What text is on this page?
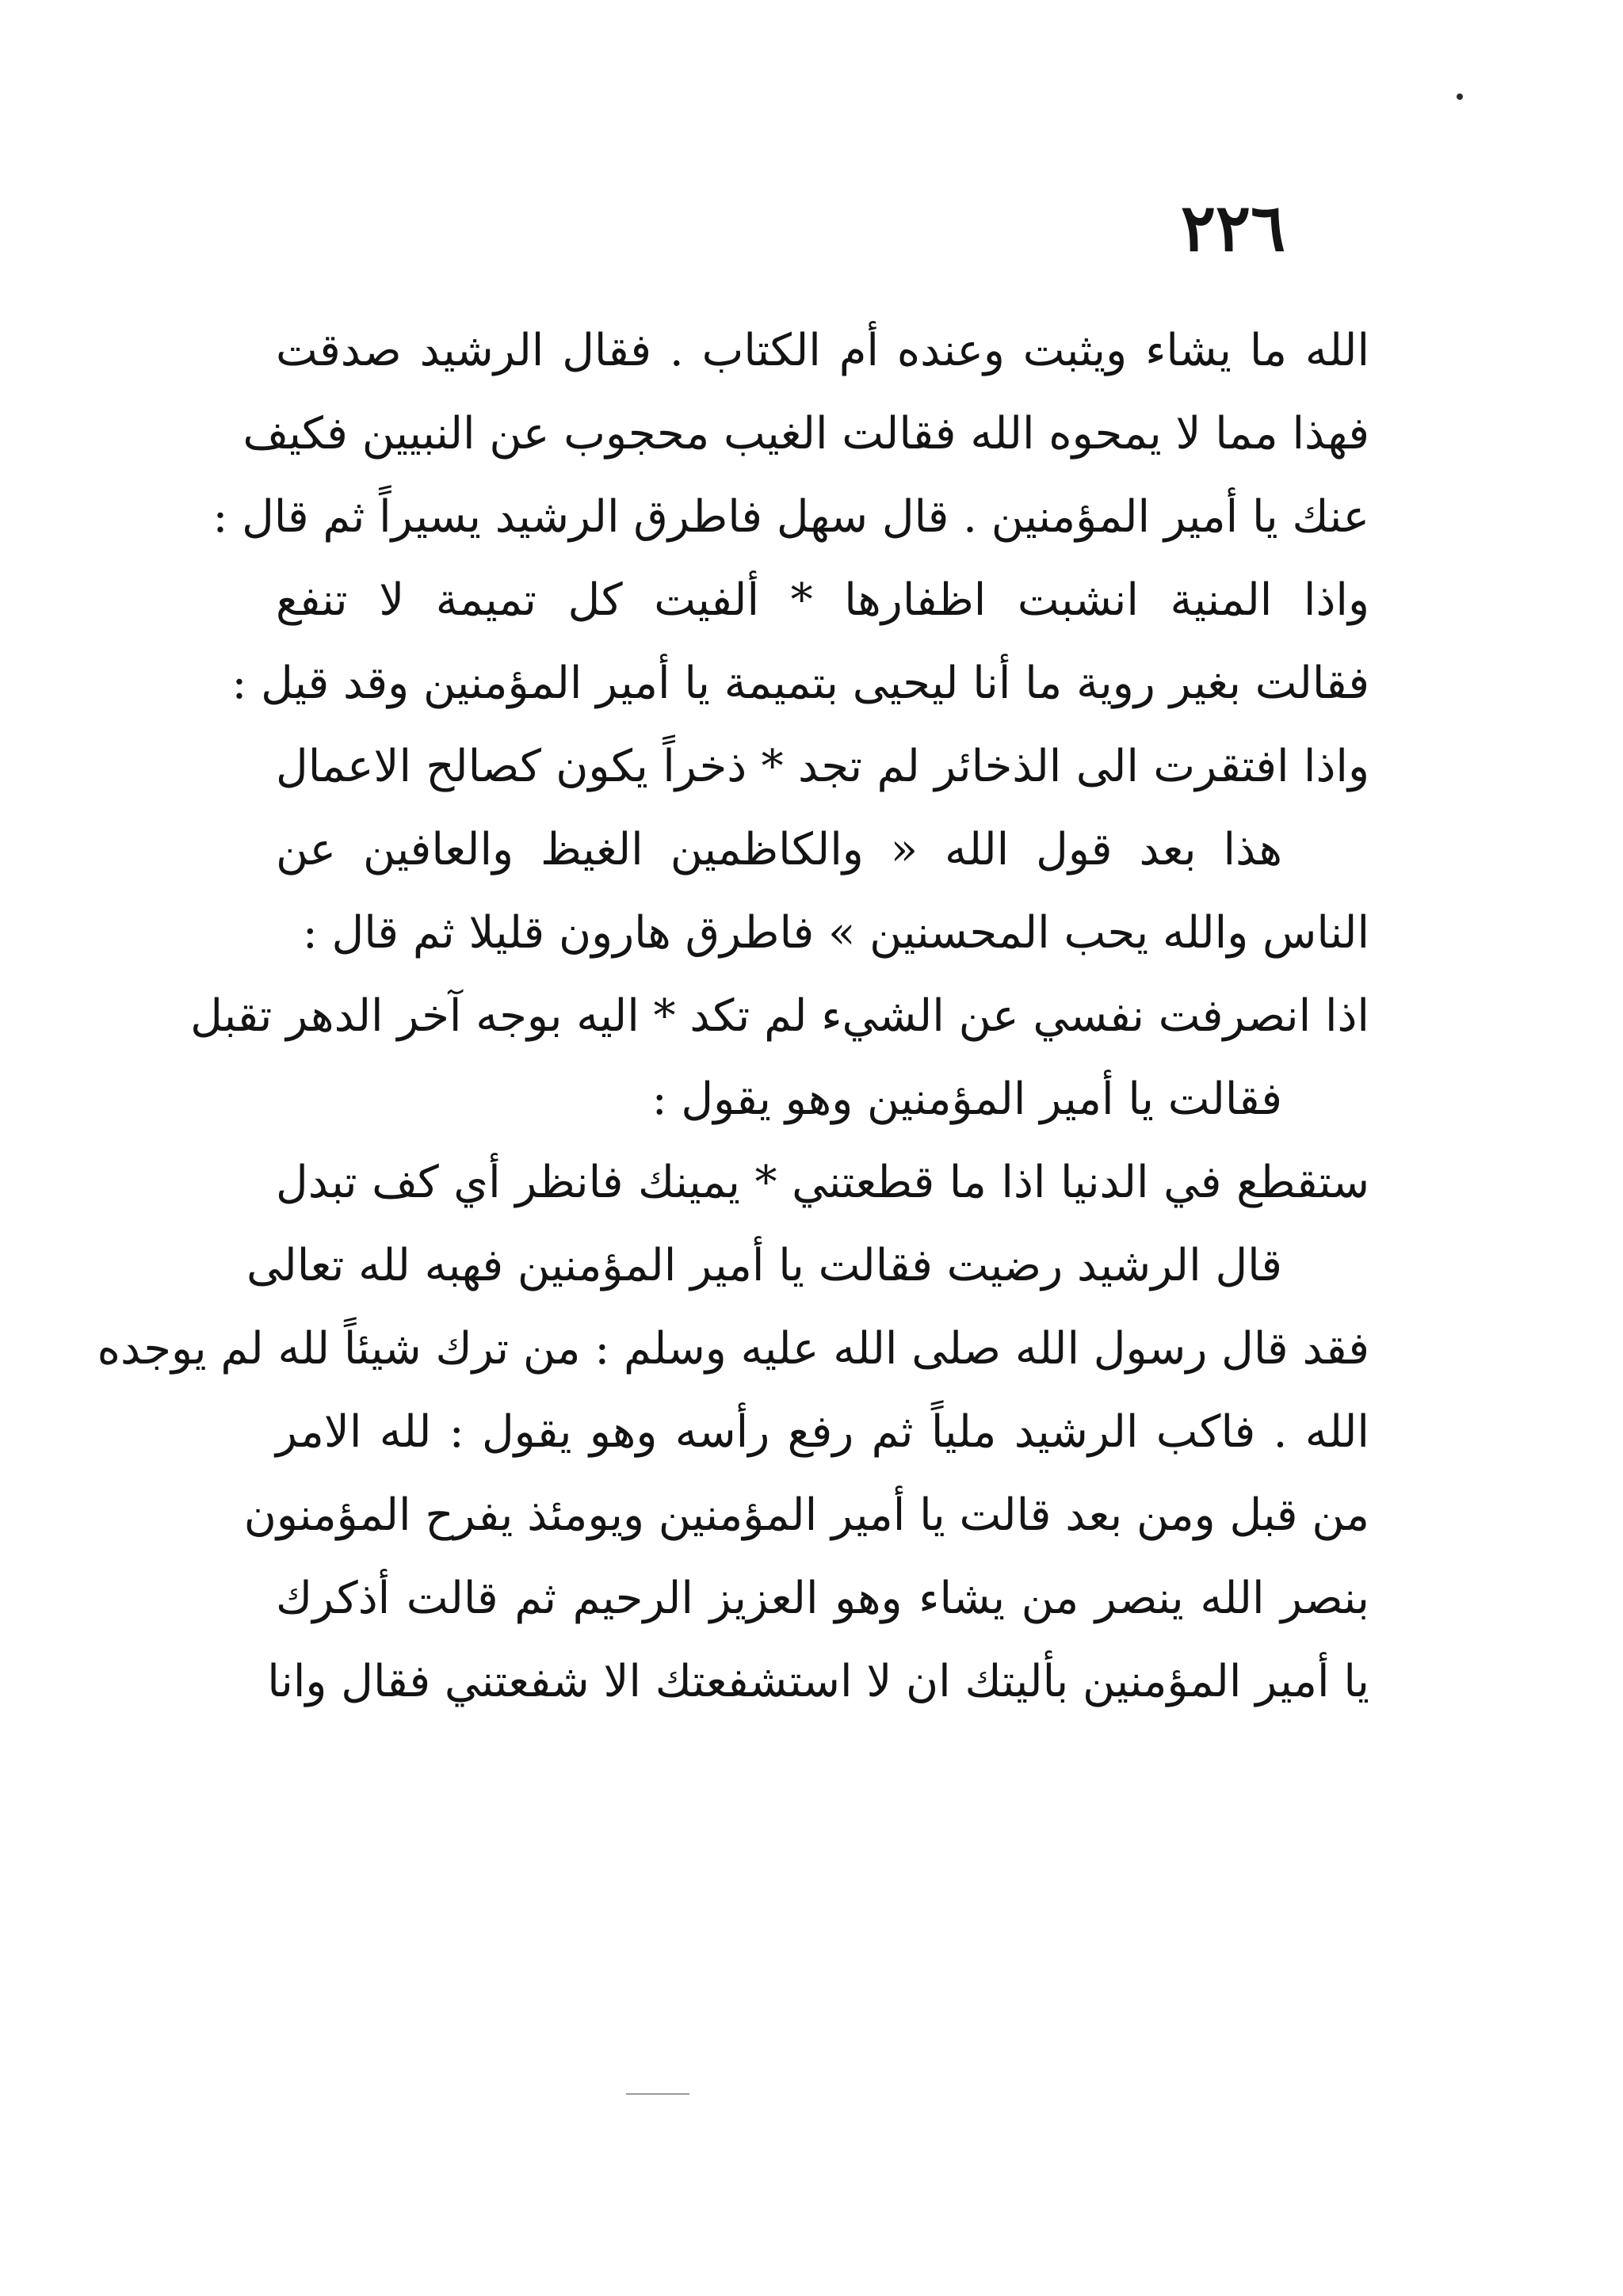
٢٢٦
الله ما يشاء ويثبت وعنده أم الكتاب . فقال الرشيد صدقت
فهذا مما لا يمحوه الله فقالت الغيب محجوب عن النبيين فكيف
عنك يا أمير المؤمنين . قال سهل فاطرق الرشيد يسيراً ثم قال :
واذا المنية انشبت اظفارها * ألفيت كل تميمة لا تنفع
فقالت بغير روية ما أنا ليحيى بتميمة يا أمير المؤمنين وقد قيل :
واذا افتقرت الى الذخائر لم تجد * ذخراً يكون كصالح الاعمال
هذا بعد قول الله « والكاظمين الغيظ والعافين عن
الناس والله يحب المحسنين » فاطرق هارون قليلا ثم قال :
اذا انصرفت نفسي عن الشيء لم تكد * اليه بوجه آخر الدهر تقبل
فقالت يا أمير المؤمنين وهو يقول :
ستقطع في الدنيا اذا ما قطعتني * يمينك فانظر أي كف تبدل
قال الرشيد رضيت فقالت يا أمير المؤمنين فهبه لله تعالى
فقد قال رسول الله صلى الله عليه وسلم : من ترك شيئاً لله لم يوجده
الله . فاكب الرشيد ملياً ثم رفع رأسه وهو يقول : لله الامر
من قبل ومن بعد قالت يا أمير المؤمنين ويومئذ يفرح المؤمنون
بنصر الله ينصر من يشاء وهو العزيز الرحيم ثم قالت أذكرك
يا أمير المؤمنين بأليتك ان لا استشفعتك الا شفعتني فقال وانا
